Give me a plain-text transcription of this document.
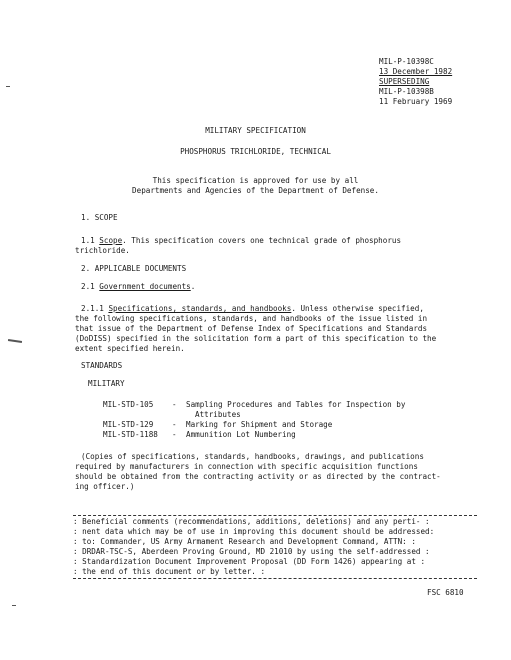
MIL-P-10398C
13 December 1982
SUPERSEDING
MIL-P-10398B
11 February 1969
MILITARY SPECIFICATION
PHOSPHORUS TRICHLORIDE, TECHNICAL
This specification is approved for use by all
Departments and Agencies of the Department of Defense.
1. SCOPE
1.1 Scope. This specification covers one technical grade of phosphorus
trichloride.
2. APPLICABLE DOCUMENTS
2.1 Government documents.
2.1.1 Specifications, standards, and handbooks. Unless otherwise specified,
the following specifications, standards, and handbooks of the issue listed in
that issue of the Department of Defense Index of Specifications and Standards
(DoDISS) specified in the solicitation form a part of this specification to the
extent specified herein.
STANDARDS
MILITARY
MIL-STD-105 - Sampling Procedures and Tables for Inspection by
Attributes
MIL-STD-129 - Marking for Shipment and Storage
MIL-STD-1188 - Ammunition Lot Numbering
(Copies of specifications, standards, handbooks, drawings, and publications
required by manufacturers in connection with specific acquisition functions
should be obtained from the contracting activity or as directed by the contract-
ing officer.)
: Beneficial comments (recommendations, additions, deletions) and any perti- :
: nent data which may be of use in improving this document should be addressed:
: to: Commander, US Army Armament Research and Development Command, ATTN: :
: DRDAR-TSC-S, Aberdeen Proving Ground, MD 21010 by using the self-addressed :
: Standardization Document Improvement Proposal (DD Form 1426) appearing at :
: the end of this document or by letter. :
FSC 6810
